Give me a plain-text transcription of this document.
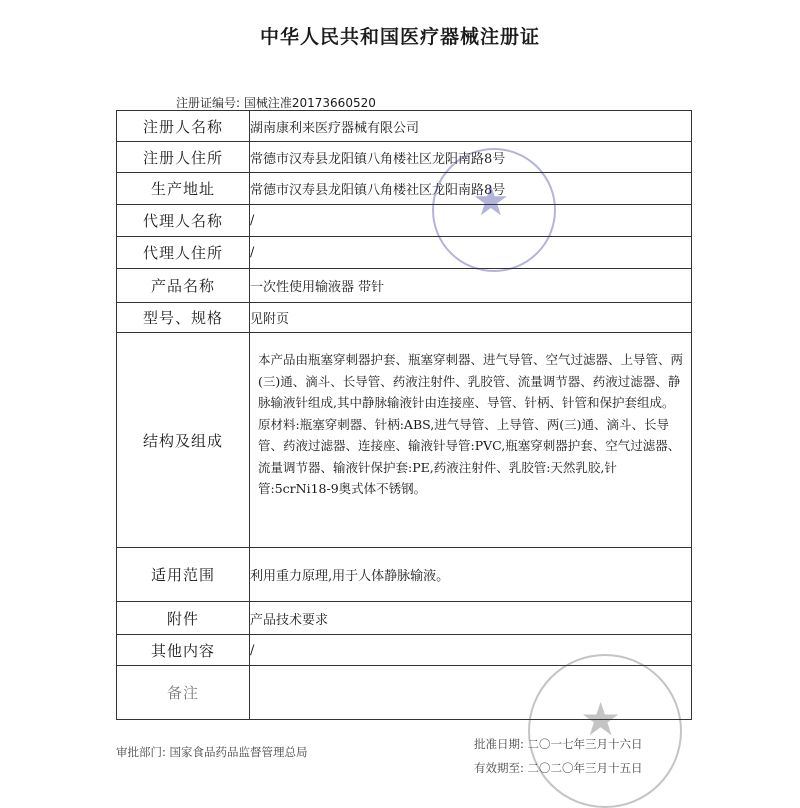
中华人民共和国医疗器械注册证
注册证编号: 国械注准20173660520
注册人名称	湖南康利来医疗器械有限公司
注册人住所	常德市汉寿县龙阳镇八角楼社区龙阳南路8号
生产地址	常德市汉寿县龙阳镇八角楼社区龙阳南路8号
代理人名称	/
代理人住所	/
产品名称	一次性使用输液器 带针
型号、规格	见附页
结构及组成	本产品由瓶塞穿刺器护套、瓶塞穿刺器、进气导管、空气过滤器、上导管、两(三)通、滴斗、长导管、药液注射件、乳胶管、流量调节器、药液过滤器、静脉输液针组成,其中静脉输液针由连接座、导管、针柄、针管和保护套组成。原材料:瓶塞穿刺器、针柄:ABS,进气导管、上导管、两(三)通、滴斗、长导管、药液过滤器、连接座、输液针导管:PVC,瓶塞穿刺器护套、空气过滤器、流量调节器、输液针保护套:PE,药液注射件、乳胶管:天然乳胶,针管:5crNi18-9奥式体不锈钢。
适用范围	利用重力原理,用于人体静脉输液。
附件	产品技术要求
其他内容	/
备注	
审批部门: 国家食品药品监督管理总局
批准日期: 二〇一七年三月十六日
有效期至: 二〇二〇年三月十五日
★
★
